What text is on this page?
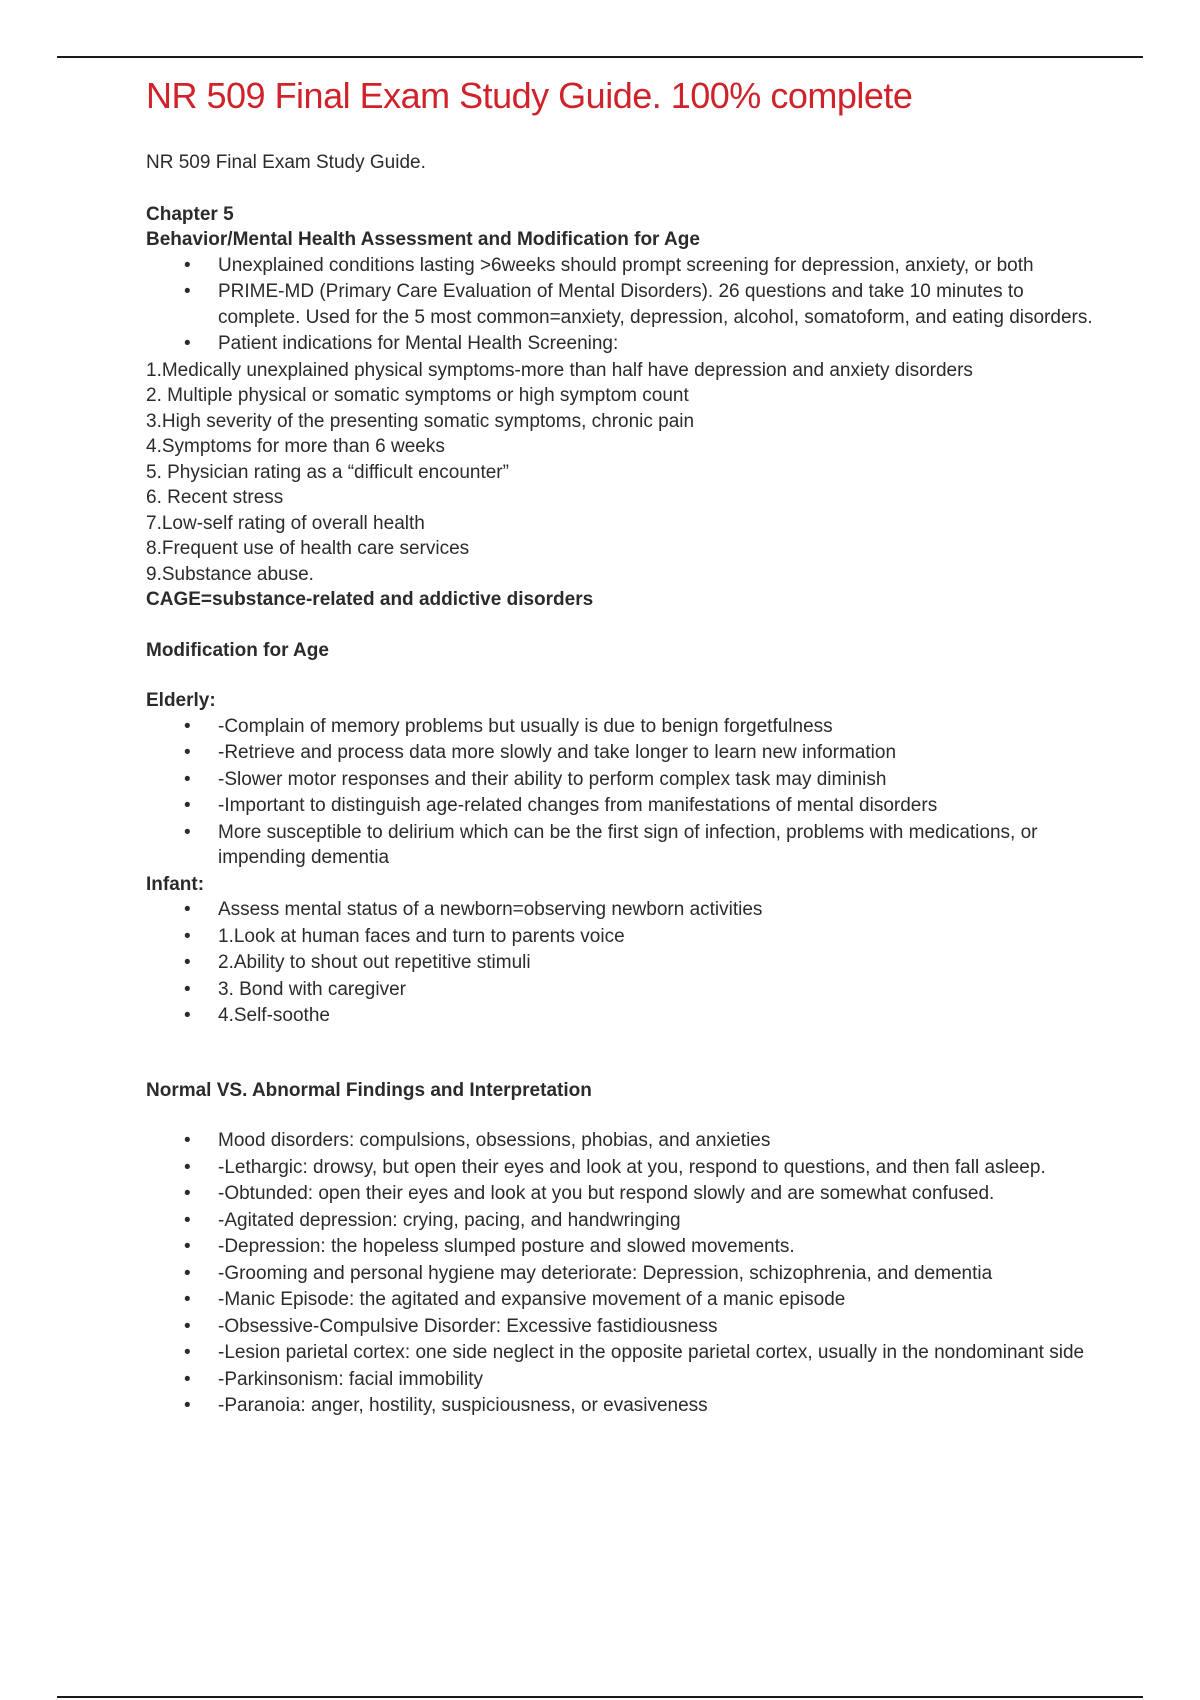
NR 509 Final Exam Study Guide. 100% complete

NR 509 Final Exam Study Guide.

Chapter 5

Behavior/Mental Health Assessment and Modification for Age

• Unexplained conditions lasting >6weeks should prompt screening for depression, anxiety, or both
• PRIME-MD (Primary Care Evaluation of Mental Disorders). 26 questions and take 10 minutes to complete. Used for the 5 most common=anxiety, depression, alcohol, somatoform, and eating disorders.
• Patient indications for Mental Health Screening:
1.Medically unexplained physical symptoms-more than half have depression and anxiety disorders
2. Multiple physical or somatic symptoms or high symptom count
3.High severity of the presenting somatic symptoms, chronic pain
4.Symptoms for more than 6 weeks
5. Physician rating as a “difficult encounter”
6. Recent stress
7.Low-self rating of overall health
8.Frequent use of health care services
9.Substance abuse.

CAGE=substance-related and addictive disorders

Modification for Age

Elderly:

• -Complain of memory problems but usually is due to benign forgetfulness
• -Retrieve and process data more slowly and take longer to learn new information
• -Slower motor responses and their ability to perform complex task may diminish
• -Important to distinguish age-related changes from manifestations of mental disorders
• More susceptible to delirium which can be the first sign of infection, problems with medications, or impending dementia

Infant:

• Assess mental status of a newborn=observing newborn activities
• 1.Look at human faces and turn to parents voice
• 2.Ability to shout out repetitive stimuli
• 3. Bond with caregiver
• 4.Self-soothe

Normal VS. Abnormal Findings and Interpretation

• Mood disorders: compulsions, obsessions, phobias, and anxieties
• -Lethargic: drowsy, but open their eyes and look at you, respond to questions, and then fall asleep.
• -Obtunded: open their eyes and look at you but respond slowly and are somewhat confused.
• -Agitated depression: crying, pacing, and handwringing
• -Depression: the hopeless slumped posture and slowed movements.
• -Grooming and personal hygiene may deteriorate: Depression, schizophrenia, and dementia
• -Manic Episode: the agitated and expansive movement of a manic episode
• -Obsessive-Compulsive Disorder: Excessive fastidiousness
• -Lesion parietal cortex: one side neglect in the opposite parietal cortex, usually in the nondominant side
• -Parkinsonism: facial immobility
• -Paranoia: anger, hostility, suspiciousness, or evasiveness
